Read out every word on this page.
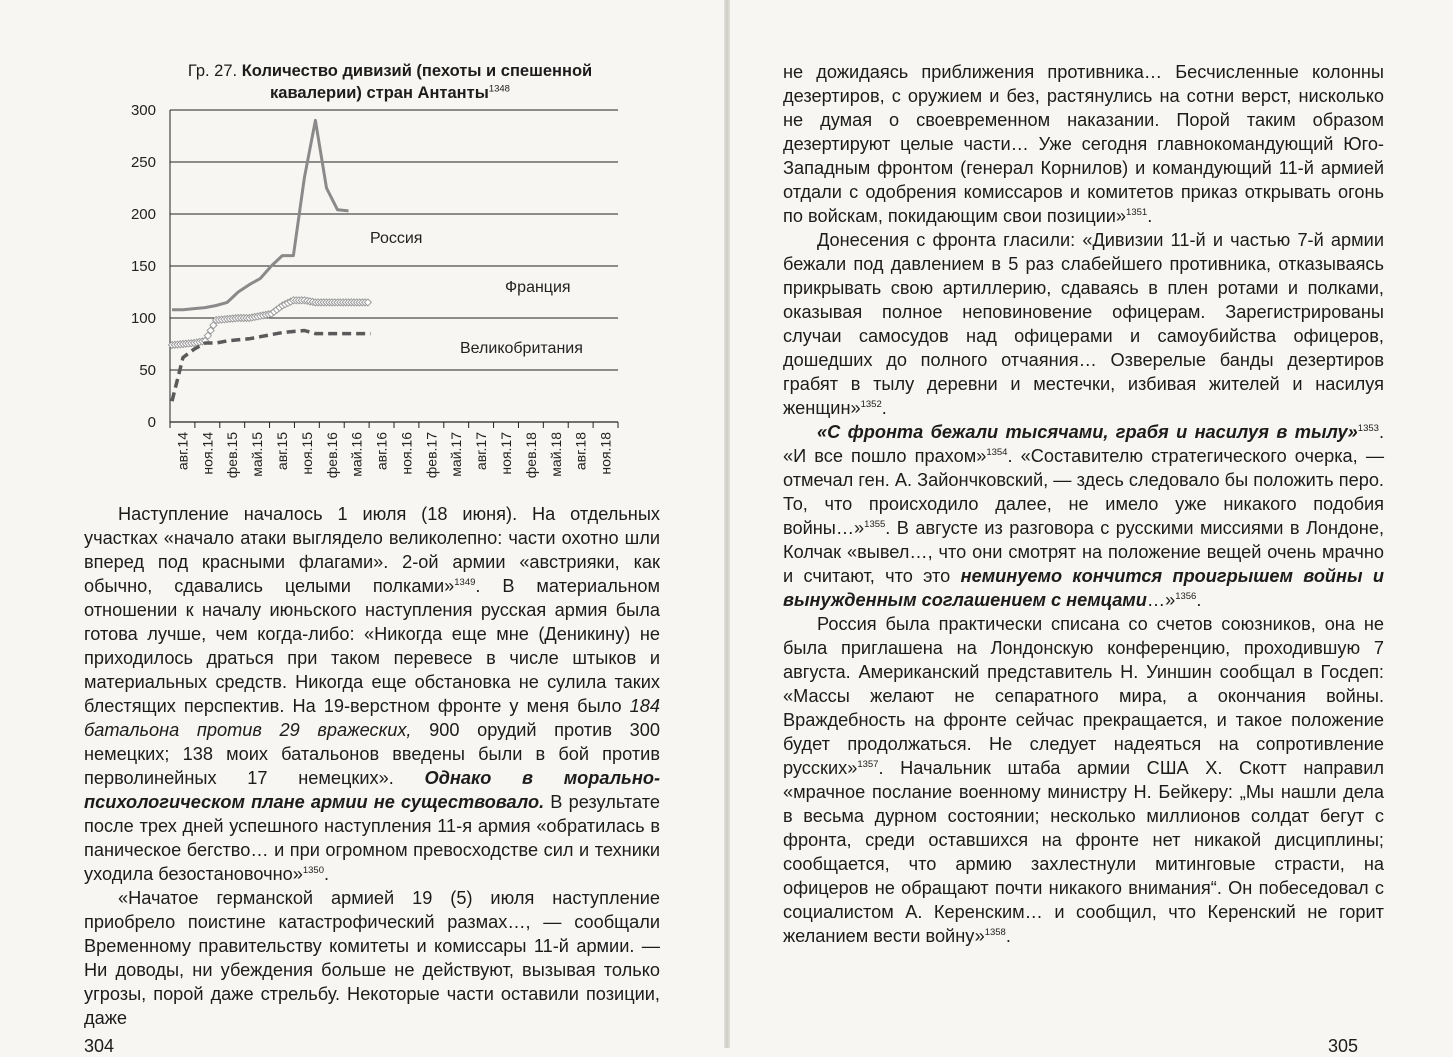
Гр. 27. Количество дивизий (пехоты и спешенной
кавалерии) стран Антанты$^{1348}$
300
250
200
150
100
50
0
авг.14 ноя.14 фев.15 май.15 авг.15 ноя.15 фев.16 май.16 авг.16 ноя.16 фев.17 май.17 авг.17 ноя.17 фев.18 май.18 авг.18 ноя.18
Россия
Франция
Великобритания

Наступление началось 1 июля (18 июня). На отдельных участках «начало атаки выглядело великолепно: части охотно шли вперед под красными флагами». 2-ой армии «австрияки, как обычно, сдавались целыми полками»$^{1349}$. В материальном отношении к началу июньского наступления русская армия была готова лучше, чем когда-либо: «Никогда еще мне (Деникину) не приходилось драться при таком перевесе в числе штыков и материальных средств. Никогда еще обстановка не сулила таких блестящих перспектив. На 19-верстном фронте у меня было 184 батальона против 29 вражеских, 900 орудий против 300 немецких; 138 моих батальонов введены были в бой против перволинейных 17 немецких». Однако в морально-психологическом плане армии не существовало. В результате после трех дней успешного наступления 11-я армия «обратилась в паническое бегство… и при огромном превосходстве сил и техники уходила безостановочно»$^{1350}$.

«Начатое германской армией 19 (5) июля наступление приобрело поистине катастрофический размах…, — сообщали Временному правительству комитеты и комиссары 11-й армии. — Ни доводы, ни убеждения больше не действуют, вызывая только угрозы, порой даже стрельбу. Некоторые части оставили позиции, даже

304

не дожидаясь приближения противника… Бесчисленные колонны дезертиров, с оружием и без, растянулись на сотни верст, нисколько не думая о своевременном наказании. Порой таким образом дезертируют целые части… Уже сегодня главнокомандующий Юго-Западным фронтом (генерал Корнилов) и командующий 11-й армией отдали с одобрения комиссаров и комитетов приказ открывать огонь по войскам, покидающим свои позиции»$^{1351}$.

Донесения с фронта гласили: «Дивизии 11-й и частью 7-й армии бежали под давлением в 5 раз слабейшего противника, отказываясь прикрывать свою артиллерию, сдаваясь в плен ротами и полками, оказывая полное неповиновение офицерам. Зарегистрированы случаи самосудов над офицерами и самоубийства офицеров, дошедших до полного отчаяния… Озверелые банды дезертиров грабят в тылу деревни и местечки, избивая жителей и насилуя женщин»$^{1352}$.

«С фронта бежали тысячами, грабя и насилуя в тылу»$^{1353}$. «И все пошло прахом»$^{1354}$. «Составителю стратегического очерка, — отмечал ген. А. Зайончковский, — здесь следовало бы положить перо. То, что происходило далее, не имело уже никакого подобия войны…»$^{1355}$. В августе из разговора с русскими миссиями в Лондоне, Колчак «вывел…, что они смотрят на положение вещей очень мрачно и считают, что это неминуемо кончится проигрышем войны и вынужденным соглашением с немцами…»$^{1356}$.

Россия была практически списана со счетов союзников, она не была приглашена на Лондонскую конференцию, проходившую 7 августа. Американский представитель Н. Уиншин сообщал в Госдеп: «Массы желают не сепаратного мира, а окончания войны. Враждебность на фронте сейчас прекращается, и такое положение будет продолжаться. Не следует надеяться на сопротивление русских»$^{1357}$. Начальник штаба армии США Х. Скотт направил «мрачное послание военному министру Н. Бейкеру: „Мы нашли дела в весьма дурном состоянии; несколько миллионов солдат бегут с фронта, среди оставшихся на фронте нет никакой дисциплины; сообщается, что армию захлестнули митинговые страсти, на офицеров не обращают почти никакого внимания“. Он побеседовал с социалистом А. Керенским… и сообщил, что Керенский не горит желанием вести войну»$^{1358}$.

305
